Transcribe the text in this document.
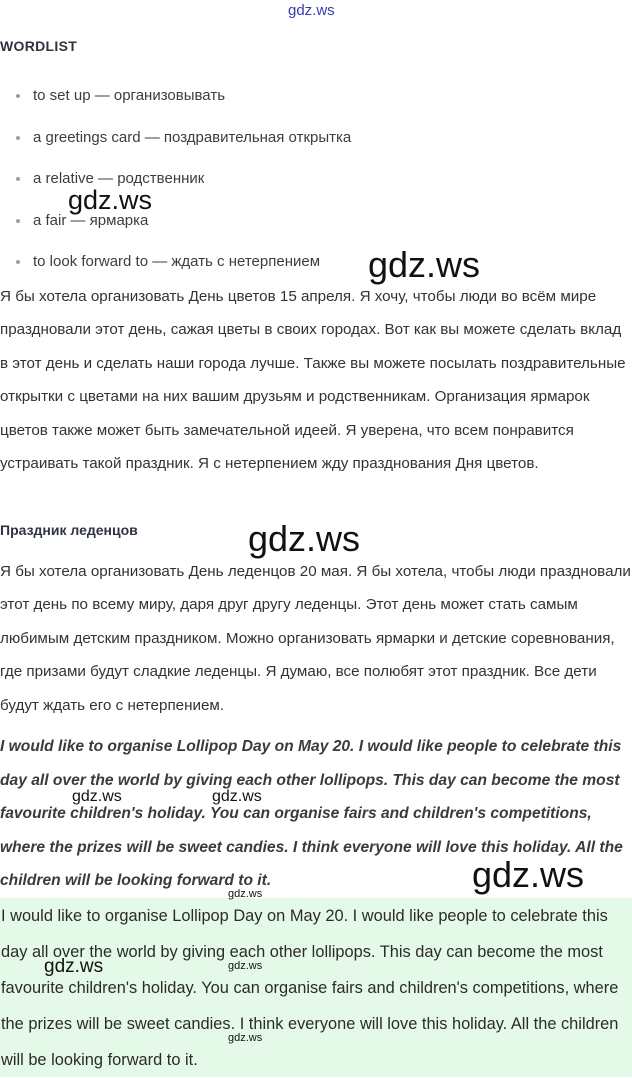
gdz.ws
WORDLIST
to set up — организовывать
a greetings card — поздравительная открытка
a relative — родственник
a fair — ярмарка
to look forward to — ждать с нетерпением

Я бы хотела организовать День цветов 15 апреля. Я хочу, чтобы люди во всём мире праздновали этот день, сажая цветы в своих городах. Вот как вы можете сделать вклад в этот день и сделать наши города лучше. Также вы можете посылать поздравительные открытки с цветами на них вашим друзьям и родственникам. Организация ярмарок цветов также может быть замечательной идеей. Я уверена, что всем понравится устраивать такой праздник. Я с нетерпением жду празднования Дня цветов.

Праздник леденцов

Я бы хотела организовать День леденцов 20 мая. Я бы хотела, чтобы люди праздновали этот день по всему миру, даря друг другу леденцы. Этот день может стать самым любимым детским праздником. Можно организовать ярмарки и детские соревнования, где призами будут сладкие леденцы. Я думаю, все полюбят этот праздник. Все дети будут ждать его с нетерпением.

I would like to organise Lollipop Day on May 20. I would like people to celebrate this day all over the world by giving each other lollipops. This day can become the most favourite children's holiday. You can organise fairs and children's competitions, where the prizes will be sweet candies. I think everyone will love this holiday. All the children will be looking forward to it.

I would like to organise Lollipop Day on May 20. I would like people to celebrate this day all over the world by giving each other lollipops. This day can become the most favourite children's holiday. You can organise fairs and children's competitions, where the prizes will be sweet candies. I think everyone will love this holiday. All the children will be looking forward to it.

gdz.ws
gdz.ws
gdz.ws
gdz.ws	gdz.ws
gdz.ws
gdz.ws
gdz.ws	gdz.ws
gdz.ws
